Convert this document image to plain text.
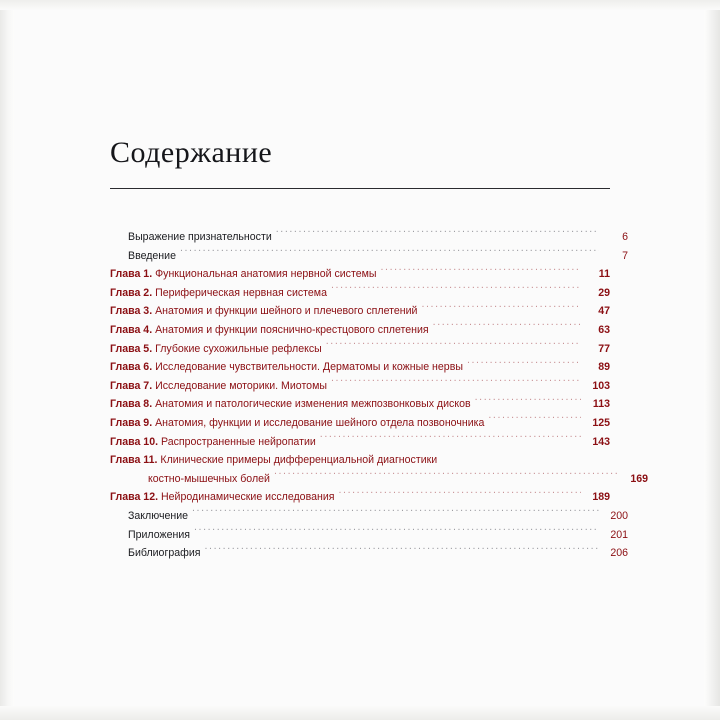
Содержание
Выражение признательности .....	6
Введение .....	7
Глава 1. Функциональная анатомия нервной системы .....	11
Глава 2. Периферическая нервная система .....	29
Глава 3. Анатомия и функции шейного и плечевого сплетений .....	47
Глава 4. Анатомия и функции пояснично-крестцового сплетения .....	63
Глава 5. Глубокие сухожильные рефлексы .....	77
Глава 6. Исследование чувствительности. Дерматомы и кожные нервы .....	89
Глава 7. Исследование моторики. Миотомы .....	103
Глава 8. Анатомия и патологические изменения межпозвонковых дисков .....	113
Глава 9. Анатомия, функции и исследование шейного отдела позвоночника .....	125
Глава 10. Распространенные нейропатии .....	143
Глава 11. Клинические примеры дифференциальной диагностики
костно-мышечных болей .....	169
Глава 12. Нейродинамические исследования .....	189
Заключение .....	200
Приложения .....	201
Библиография .....	206
